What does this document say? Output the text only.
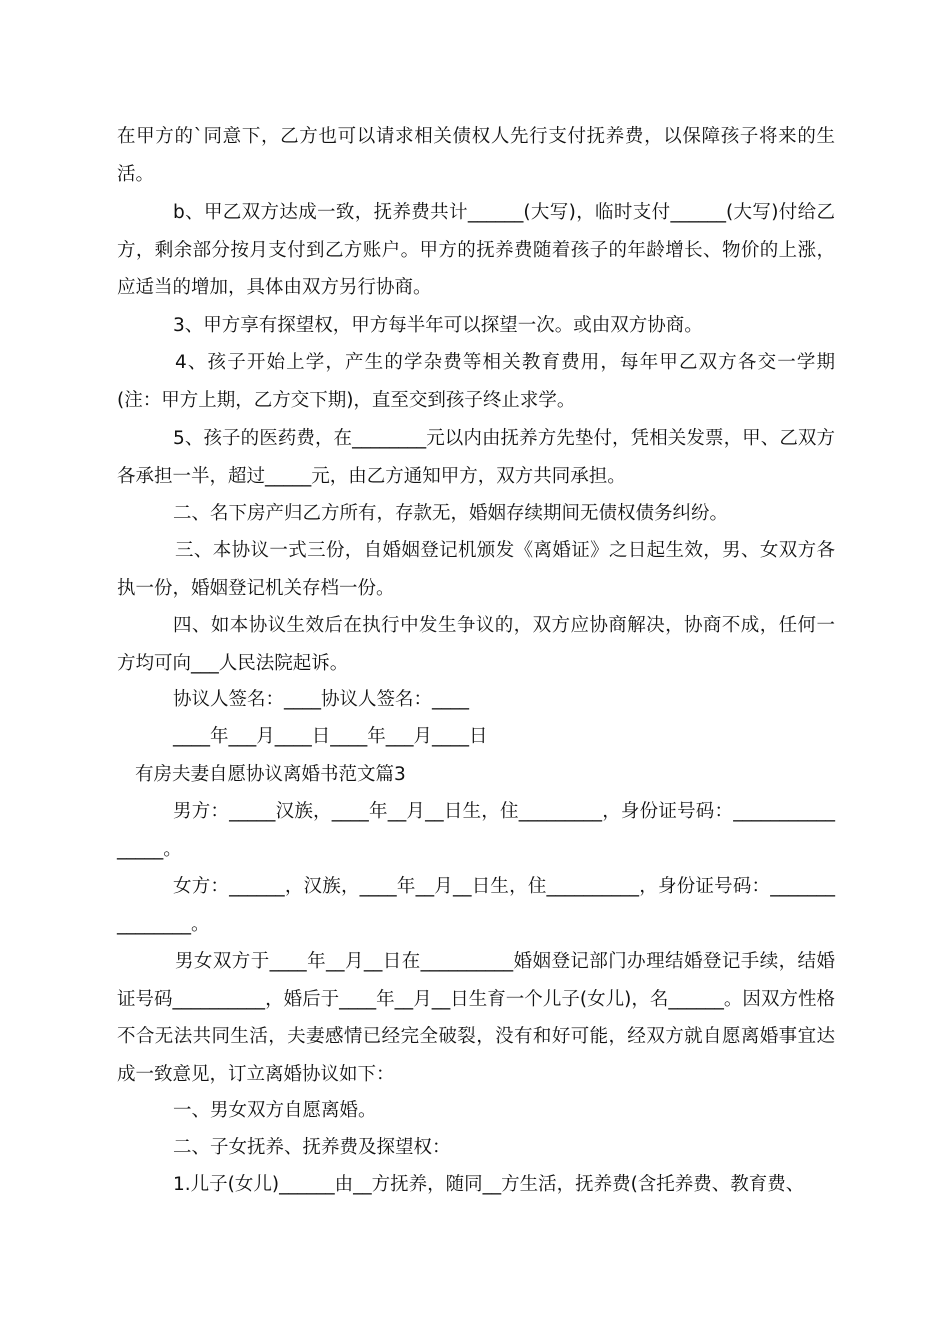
在甲方的`同意下，乙方也可以请求相关债权人先行支付抚养费，以保障孩子将来的生活。

b、甲乙双方达成一致，抚养费共计______(大写)，临时支付______(大写)付给乙方，剩余部分按月支付到乙方账户。甲方的抚养费随着孩子的年龄增长、物价的上涨，应适当的增加，具体由双方另行协商。

3、甲方享有探望权，甲方每半年可以探望一次。或由双方协商。

4、孩子开始上学，产生的学杂费等相关教育费用，每年甲乙双方各交一学期(注：甲方上期，乙方交下期)，直至交到孩子终止求学。

5、孩子的医药费，在________元以内由抚养方先垫付，凭相关发票，甲、乙双方各承担一半，超过_____元，由乙方通知甲方，双方共同承担。

二、名下房产归乙方所有，存款无，婚姻存续期间无债权债务纠纷。

三、本协议一式三份，自婚姻登记机颁发《离婚证》之日起生效，男、女双方各执一份，婚姻登记机关存档一份。

四、如本协议生效后在执行中发生争议的，双方应协商解决，协商不成，任何一方均可向___人民法院起诉。

协议人签名：____协议人签名：____

____年___月____日____年___月____日

有房夫妻自愿协议离婚书范文篇3

男方：_____汉族，____年__月__日生，住_________，身份证号码：________________。

女方：______，汉族，____年__月__日生，住__________，身份证号码：_______________。

男女双方于____年__月__日在__________婚姻登记部门办理结婚登记手续，结婚证号码__________，婚后于____年__月__日生育一个儿子(女儿)，名______。因双方性格不合无法共同生活，夫妻感情已经完全破裂，没有和好可能，经双方就自愿离婚事宜达成一致意见，订立离婚协议如下：

一、男女双方自愿离婚。

二、子女抚养、抚养费及探望权：

1.儿子(女儿)______由__方抚养，随同__方生活，抚养费(含托养费、教育费、
